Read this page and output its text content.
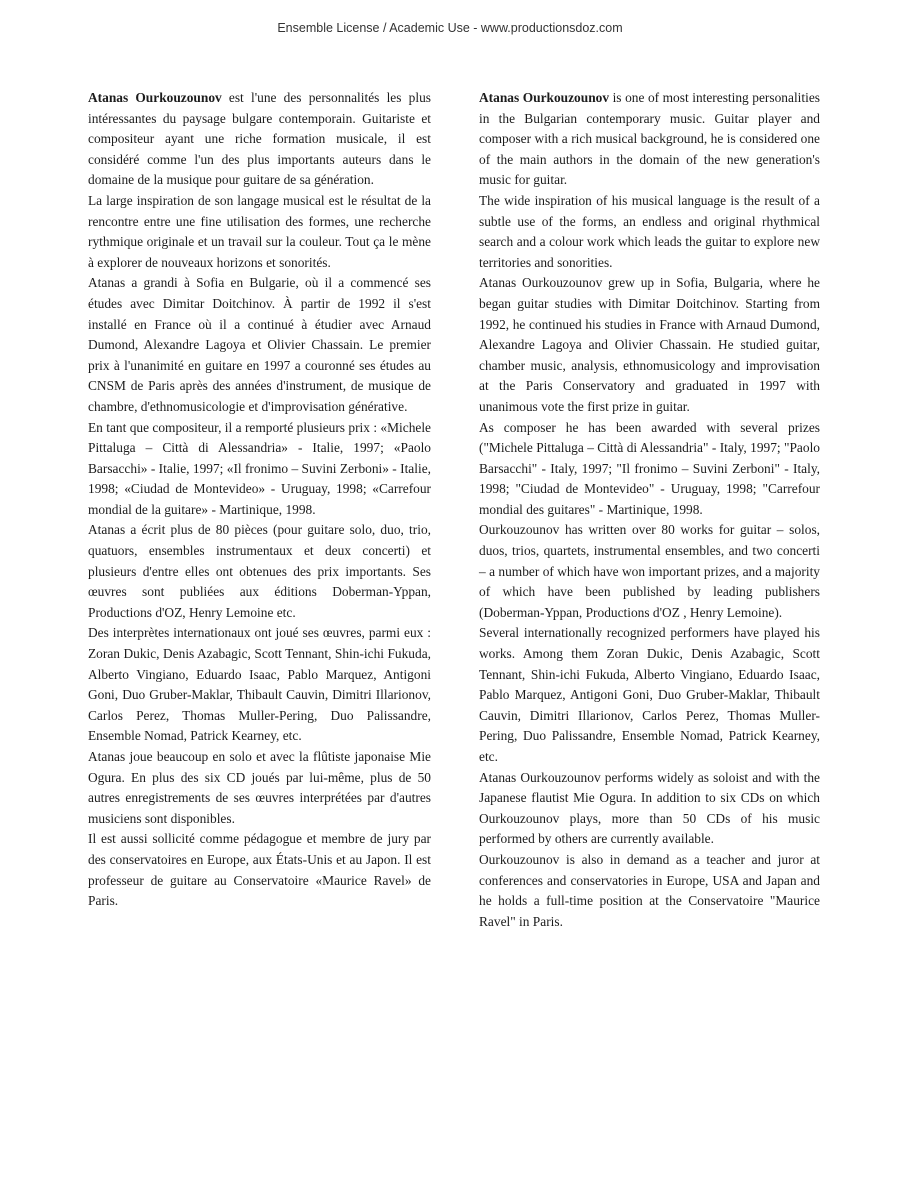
Ensemble License / Academic Use - www.productionsdoz.com

Atanas Ourkouzounov est l'une des personnalités les plus intéressantes du paysage bulgare contemporain. Guitariste et compositeur ayant une riche formation musicale, il est considéré comme l'un des plus importants auteurs dans le domaine de la musique pour guitare de sa génération.

La large inspiration de son langage musical est le résultat de la rencontre entre une fine utilisation des formes, une recherche rythmique originale et un travail sur la couleur. Tout ça le mène à explorer de nouveaux horizons et sonorités.

Atanas a grandi à Sofia en Bulgarie, où il a commencé ses études avec Dimitar Doitchinov. À partir de 1992 il s'est installé en France où il a continué à étudier avec Arnaud Dumond, Alexandre Lagoya et Olivier Chassain. Le premier prix à l'unanimité en guitare en 1997 a couronné ses études au CNSM de Paris après des années d'instrument, de musique de chambre, d'ethnomusicologie et d'improvisation générative.

En tant que compositeur, il a remporté plusieurs prix : «Michele Pittaluga – Città di Alessandria» - Italie, 1997; «Paolo Barsacchi» - Italie, 1997; «Il fronimo – Suvini Zerboni» - Italie, 1998; «Ciudad de Montevideo» - Uruguay, 1998; «Carrefour mondial de la guitare» - Martinique, 1998.

Atanas a écrit plus de 80 pièces (pour guitare solo, duo, trio, quatuors, ensembles instrumentaux et deux concerti) et plusieurs d'entre elles ont obtenues des prix importants. Ses œuvres sont publiées aux éditions Doberman-Yppan, Productions d'OZ, Henry Lemoine etc.

Des interprètes internationaux ont joué ses œuvres, parmi eux : Zoran Dukic, Denis Azabagic, Scott Tennant, Shin-ichi Fukuda, Alberto Vingiano, Eduardo Isaac, Pablo Marquez, Antigoni Goni, Duo Gruber-Maklar, Thibault Cauvin, Dimitri Illarionov, Carlos Perez, Thomas Muller-Pering, Duo Palissandre, Ensemble Nomad, Patrick Kearney, etc.

Atanas joue beaucoup en solo et avec la flûtiste japonaise Mie Ogura. En plus des six CD joués par lui-même, plus de 50 autres enregistrements de ses œuvres interprétées par d'autres musiciens sont disponibles.

Il est aussi sollicité comme pédagogue et membre de jury par des conservatoires en Europe, aux États-Unis et au Japon. Il est professeur de guitare au Conservatoire «Maurice Ravel» de Paris.

Atanas Ourkouzounov is one of most interesting personalities in the Bulgarian contemporary music. Guitar player and composer with a rich musical background, he is considered one of the main authors in the domain of the new generation's music for guitar.

The wide inspiration of his musical language is the result of a subtle use of the forms, an endless and original rhythmical search and a colour work which leads the guitar to explore new territories and sonorities.

Atanas Ourkouzounov grew up in Sofia, Bulgaria, where he began guitar studies with Dimitar Doitchinov. Starting from 1992, he continued his studies in France with Arnaud Dumond, Alexandre Lagoya and Olivier Chassain. He studied guitar, chamber music, analysis, ethnomusicology and improvisation at the Paris Conservatory and graduated in 1997 with unanimous vote the first prize in guitar.

As composer he has been awarded with several prizes ("Michele Pittaluga – Città di Alessandria" - Italy, 1997; "Paolo Barsacchi" - Italy, 1997; "Il fronimo – Suvini Zerboni" - Italy, 1998; "Ciudad de Montevideo" - Uruguay, 1998; "Carrefour mondial des guitares" - Martinique, 1998.

Ourkouzounov has written over 80 works for guitar – solos, duos, trios, quartets, instrumental ensembles, and two concerti – a number of which have won important prizes, and a majority of which have been published by leading publishers (Doberman-Yppan, Productions d'OZ , Henry Lemoine).

Several internationally recognized performers have played his works. Among them Zoran Dukic, Denis Azabagic, Scott Tennant, Shin-ichi Fukuda, Alberto Vingiano, Eduardo Isaac, Pablo Marquez, Antigoni Goni, Duo Gruber-Maklar, Thibault Cauvin, Dimitri Illarionov, Carlos Perez, Thomas Muller-Pering, Duo Palissandre, Ensemble Nomad, Patrick Kearney, etc.

Atanas Ourkouzounov performs widely as soloist and with the Japanese flautist Mie Ogura. In addition to six CDs on which Ourkouzounov plays, more than 50 CDs of his music performed by others are currently available.

Ourkouzounov is also in demand as a teacher and juror at conferences and conservatories in Europe, USA and Japan and he holds a full-time position at the Conservatoire "Maurice Ravel" in Paris.
